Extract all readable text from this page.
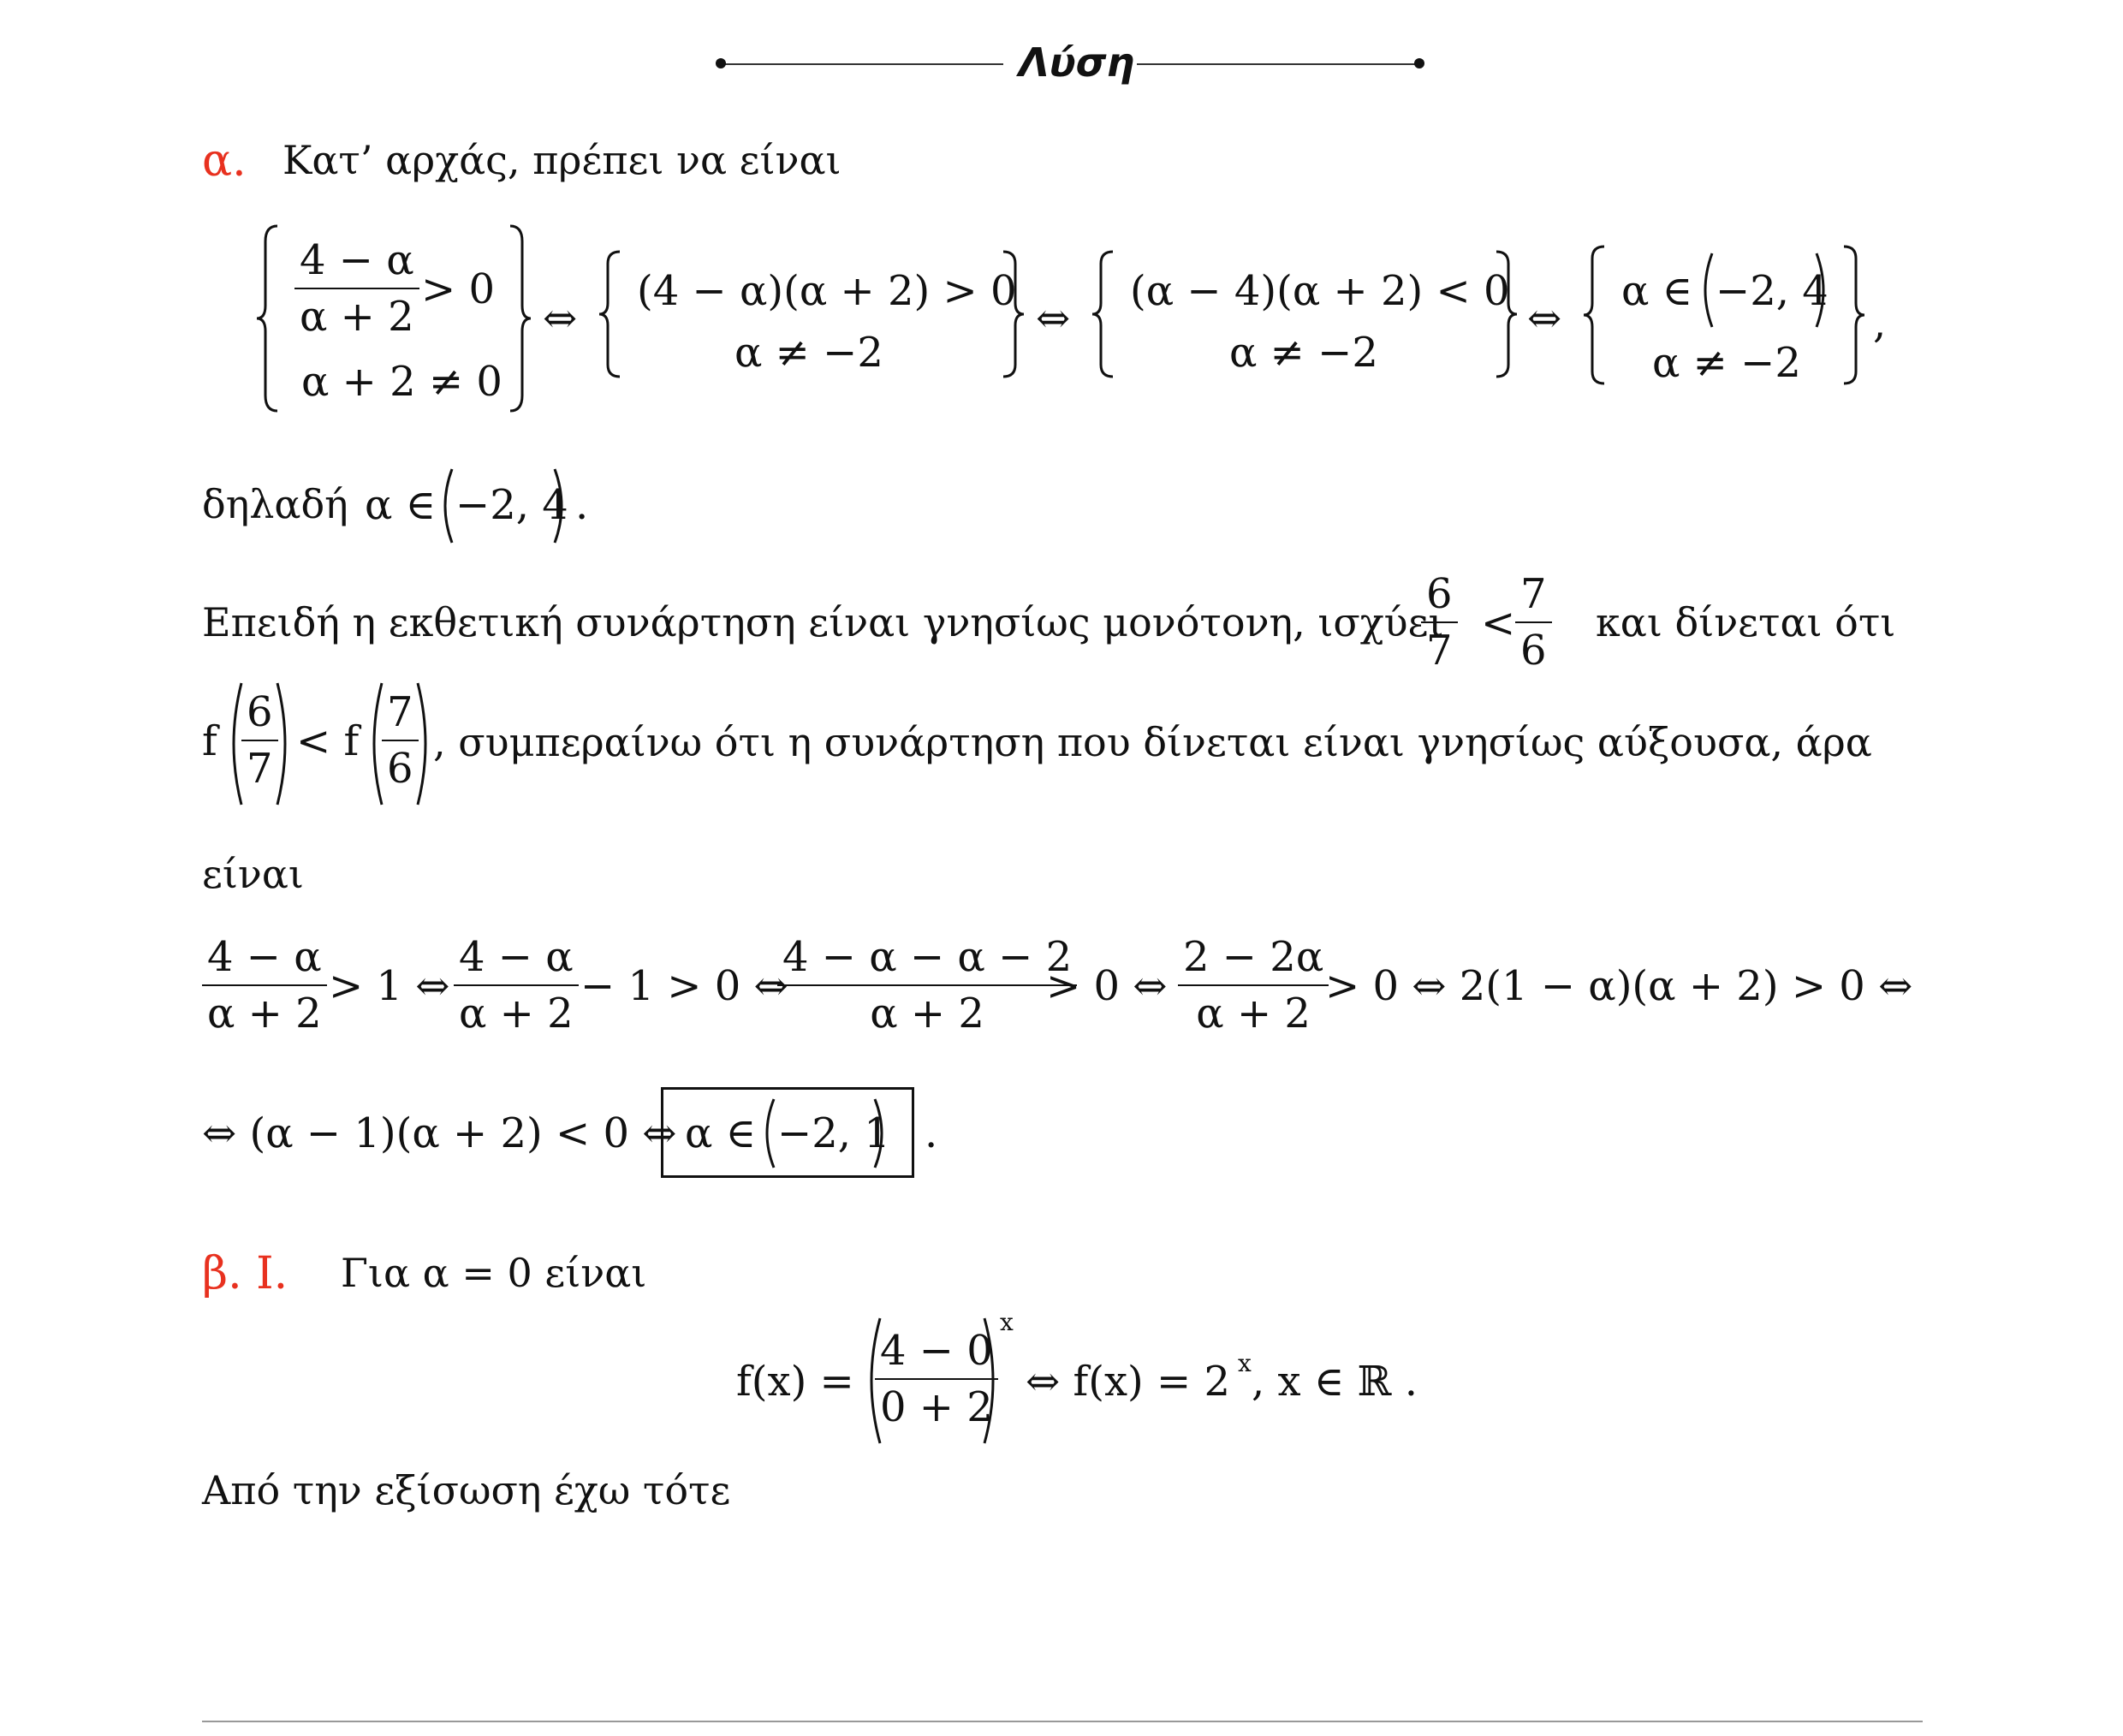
Λύση
α. Κατ’ αρχάς, πρέπει να είναι
$\frac{4 - \alpha}{\alpha + 2} > 0$
α + 2 ≠ 0
⇔
(4 − α)(α + 2) > 0
α ≠ −2
⇔
(α − 4)(α + 2) < 0
α ≠ −2
⇔
α ∈ −2, 4
α ≠ −2
,
δηλαδή α ∈ −2, 4 .
Επειδή η εκθετική συνάρτηση είναι γνησίως μονότονη, ισχύει
$\frac{6}{7} < \frac{7}{6}$ και δίνεται ότι
f $\frac{6}{7} < f \frac{7}{6}$ , συμπεραίνω ότι η συνάρτηση που δίνεται είναι γνησίως αύξουσα, άρα
είναι
$\frac{4 - \alpha}{\alpha + 2} > 1$ ⇔ $\frac{4 - \alpha}{\alpha + 2} - 1 > 0$ ⇔
$\frac{4 - \alpha - \alpha - 2}{\alpha + 2}$
> 0 ⇔ $\frac{2 - 2\alpha}{\alpha + 2}$
> 0 ⇔ 2(1 − α)(α + 2) > 0 ⇔
⇔ (α − 1)(α + 2) < 0 ⇔ α ∈ −2, 1 .
β. Ι. Για α = 0 είναι
$f(x) = \frac{4 - 0}{0 + 2}$
x
⇔ f(x) = 2 x , x ∈ ℝ .
Από την εξίσωση έχω τότε
